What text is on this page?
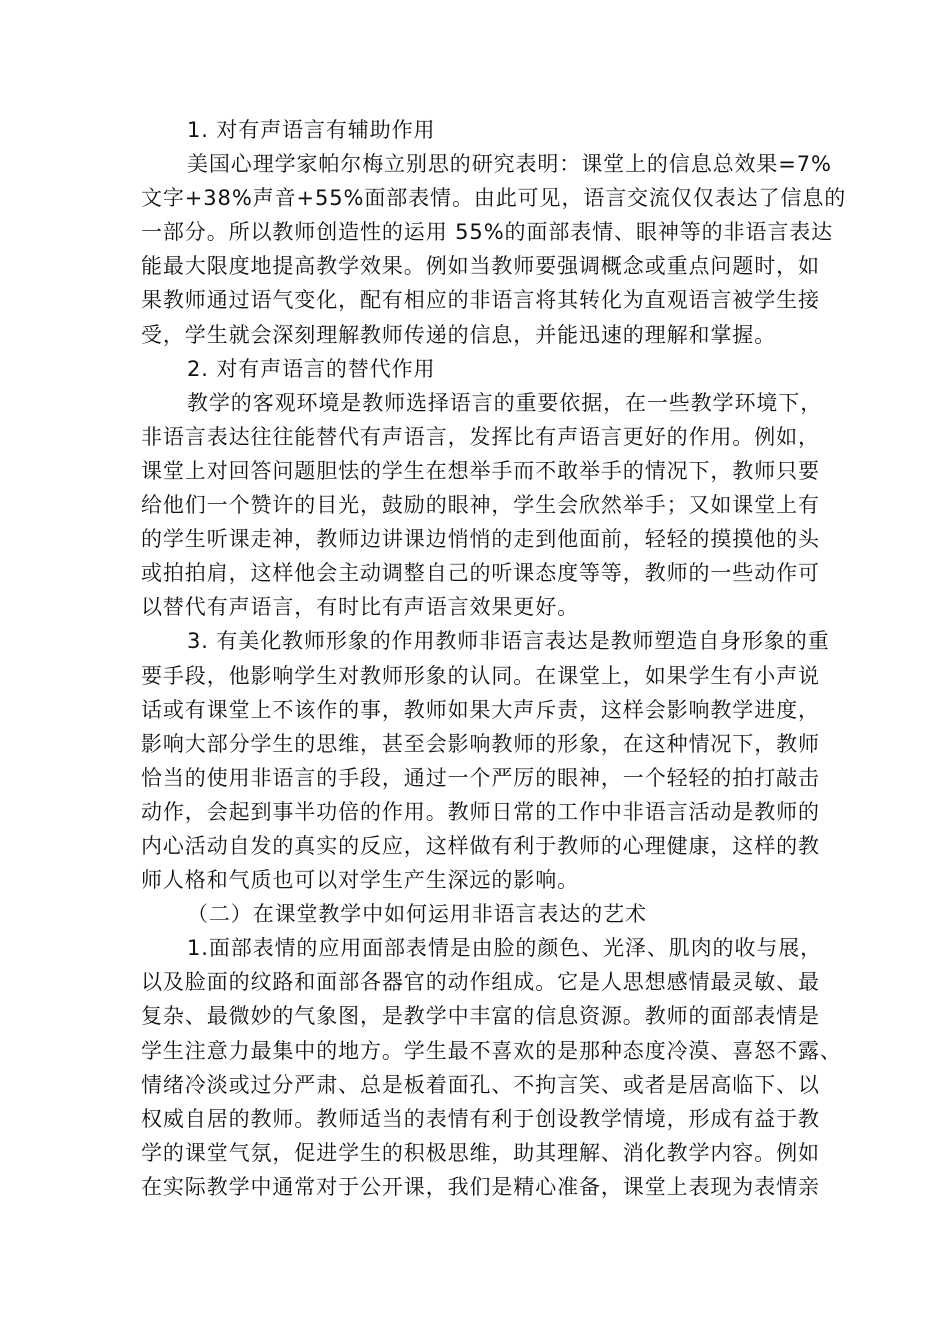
1. 对有声语言有辅助作用
美国心理学家帕尔梅立别思的研究表明：课堂上的信息总效果=7%
文字+38%声音+55%面部表情。由此可见，语言交流仅仅表达了信息的
一部分。所以教师创造性的运用 55%的面部表情、眼神等的非语言表达
能最大限度地提高教学效果。例如当教师要强调概念或重点问题时，如
果教师通过语气变化，配有相应的非语言将其转化为直观语言被学生接
受，学生就会深刻理解教师传递的信息，并能迅速的理解和掌握。
2. 对有声语言的替代作用
教学的客观环境是教师选择语言的重要依据，在一些教学环境下，
非语言表达往往能替代有声语言，发挥比有声语言更好的作用。例如，
课堂上对回答问题胆怯的学生在想举手而不敢举手的情况下，教师只要
给他们一个赞许的目光，鼓励的眼神，学生会欣然举手；又如课堂上有
的学生听课走神，教师边讲课边悄悄的走到他面前，轻轻的摸摸他的头
或拍拍肩，这样他会主动调整自己的听课态度等等，教师的一些动作可
以替代有声语言，有时比有声语言效果更好。
3. 有美化教师形象的作用教师非语言表达是教师塑造自身形象的重
要手段，他影响学生对教师形象的认同。在课堂上，如果学生有小声说
话或有课堂上不该作的事，教师如果大声斥责，这样会影响教学进度，
影响大部分学生的思维，甚至会影响教师的形象，在这种情况下，教师
恰当的使用非语言的手段，通过一个严厉的眼神，一个轻轻的拍打敲击
动作，会起到事半功倍的作用。教师日常的工作中非语言活动是教师的
内心活动自发的真实的反应，这样做有利于教师的心理健康，这样的教
师人格和气质也可以对学生产生深远的影响。
（二）在课堂教学中如何运用非语言表达的艺术
1.面部表情的应用面部表情是由脸的颜色、光泽、肌肉的收与展，
以及脸面的纹路和面部各器官的动作组成。它是人思想感情最灵敏、最
复杂、最微妙的气象图，是教学中丰富的信息资源。教师的面部表情是
学生注意力最集中的地方。学生最不喜欢的是那种态度冷漠、喜怒不露、
情绪冷淡或过分严肃、总是板着面孔、不拘言笑、或者是居高临下、以
权威自居的教师。教师适当的表情有利于创设教学情境，形成有益于教
学的课堂气氛，促进学生的积极思维，助其理解、消化教学内容。例如
在实际教学中通常对于公开课，我们是精心准备，课堂上表现为表情亲
